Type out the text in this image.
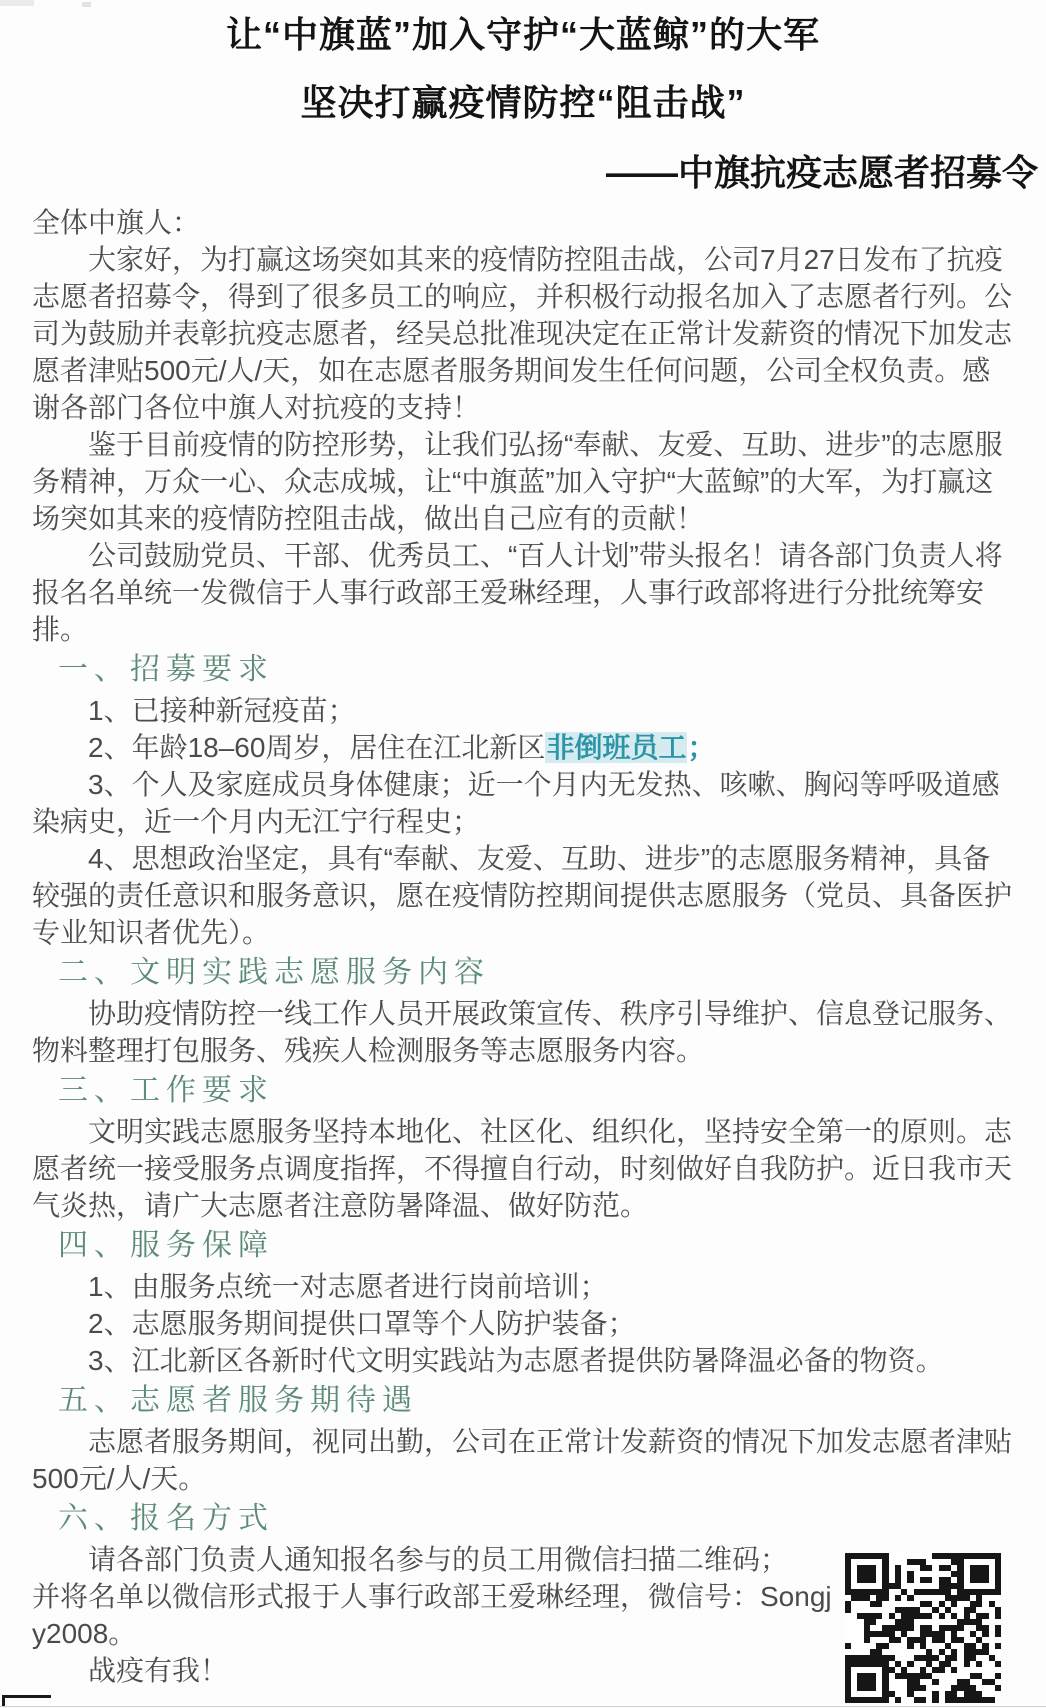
让“中旗蓝”加入守护“大蓝鲸”的大军
坚决打赢疫情防控“阻击战”
——中旗抗疫志愿者招募令
全体中旗人：

大家好，为打赢这场突如其来的疫情防控阻击战，公司7月27日发布了抗疫志愿者招募令，得到了很多员工的响应，并积极行动报名加入了志愿者行列。公司为鼓励并表彰抗疫志愿者，经吴总批准现决定在正常计发薪资的情况下加发志愿者津贴500元/人/天，如在志愿者服务期间发生任何问题，公司全权负责。感谢各部门各位中旗人对抗疫的支持！

鉴于目前疫情的防控形势，让我们弘扬“奉献、友爱、互助、进步”的志愿服务精神，万众一心、众志成城，让“中旗蓝”加入守护“大蓝鲸”的大军，为打赢这场突如其来的疫情防控阻击战，做出自己应有的贡献！

公司鼓励党员、干部、优秀员工、“百人计划”带头报名！请各部门负责人将报名名单统一发微信于人事行政部王爱琳经理，人事行政部将进行分批统筹安排。

一、招募要求

1、已接种新冠疫苗；

2、年龄18–60周岁，居住在江北新区非倒班员工；

3、个人及家庭成员身体健康；近一个月内无发热、咳嗽、胸闷等呼吸道感染病史，近一个月内无江宁行程史；

4、思想政治坚定，具有“奉献、友爱、互助、进步”的志愿服务精神，具备较强的责任意识和服务意识，愿在疫情防控期间提供志愿服务（党员、具备医护专业知识者优先）。

二、文明实践志愿服务内容

协助疫情防控一线工作人员开展政策宣传、秩序引导维护、信息登记服务、物料整理打包服务、残疾人检测服务等志愿服务内容。

三、工作要求

文明实践志愿服务坚持本地化、社区化、组织化，坚持安全第一的原则。志愿者统一接受服务点调度指挥，不得擅自行动，时刻做好自我防护。近日我市天气炎热，请广大志愿者注意防暑降温、做好防范。

四、服务保障

1、由服务点统一对志愿者进行岗前培训；

2、志愿服务期间提供口罩等个人防护装备；

3、江北新区各新时代文明实践站为志愿者提供防暑降温必备的物资。

五、志愿者服务期待遇

志愿者服务期间，视同出勤，公司在正常计发薪资的情况下加发志愿者津贴500元/人/天。

六、报名方式

请各部门负责人通知报名参与的员工用微信扫描二维码；

并将名单以微信形式报于人事行政部王爱琳经理，微信号：Songjy2008。

战疫有我！
